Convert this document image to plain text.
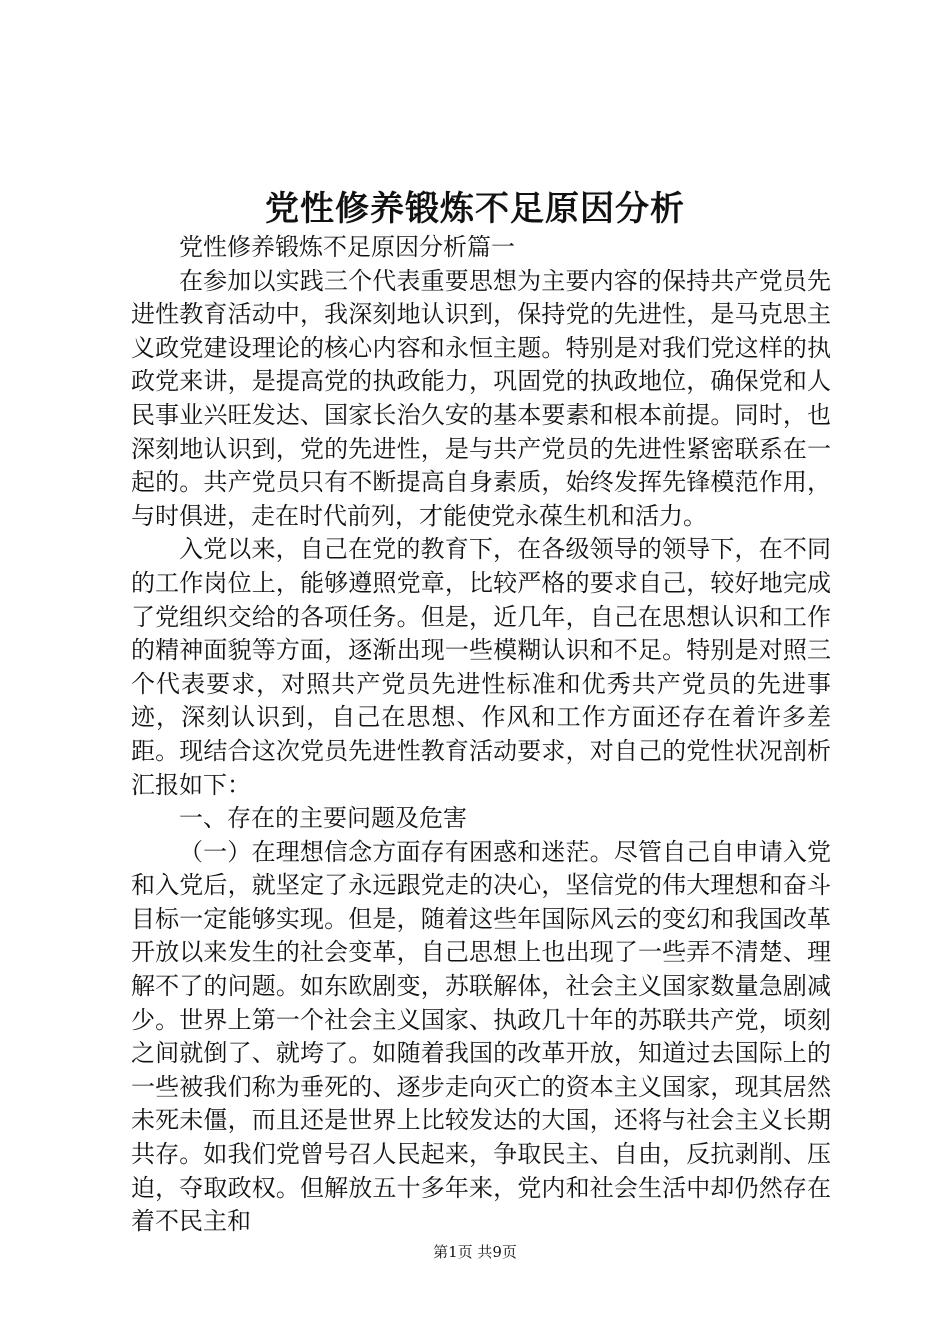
党性修养锻炼不足原因分析

党性修养锻炼不足原因分析篇一

在参加以实践三个代表重要思想为主要内容的保持共产党员先进性教育活动中，我深刻地认识到，保持党的先进性，是马克思主义政党建设理论的核心内容和永恒主题。特别是对我们党这样的执政党来讲，是提高党的执政能力，巩固党的执政地位，确保党和人民事业兴旺发达、国家长治久安的基本要素和根本前提。同时，也深刻地认识到，党的先进性，是与共产党员的先进性紧密联系在一起的。共产党员只有不断提高自身素质，始终发挥先锋模范作用，与时俱进，走在时代前列，才能使党永葆生机和活力。

入党以来，自己在党的教育下，在各级领导的领导下，在不同的工作岗位上，能够遵照党章，比较严格的要求自己，较好地完成了党组织交给的各项任务。但是，近几年，自己在思想认识和工作的精神面貌等方面，逐渐出现一些模糊认识和不足。特别是对照三个代表要求，对照共产党员先进性标准和优秀共产党员的先进事迹，深刻认识到，自己在思想、作风和工作方面还存在着许多差距。现结合这次党员先进性教育活动要求，对自己的党性状况剖析汇报如下：

一、存在的主要问题及危害

（一）在理想信念方面存有困惑和迷茫。尽管自己自申请入党和入党后，就坚定了永远跟党走的决心，坚信党的伟大理想和奋斗目标一定能够实现。但是，随着这些年国际风云的变幻和我国改革开放以来发生的社会变革，自己思想上也出现了一些弄不清楚、理解不了的问题。如东欧剧变，苏联解体，社会主义国家数量急剧减少。世界上第一个社会主义国家、执政几十年的苏联共产党，顷刻之间就倒了、就垮了。如随着我国的改革开放，知道过去国际上的一些被我们称为垂死的、逐步走向灭亡的资本主义国家，现其居然未死未僵，而且还是世界上比较发达的大国，还将与社会主义长期共存。如我们党曾号召人民起来，争取民主、自由，反抗剥削、压迫，夺取政权。但解放五十多年来，党内和社会生活中却仍然存在着不民主和

第1页 共9页
